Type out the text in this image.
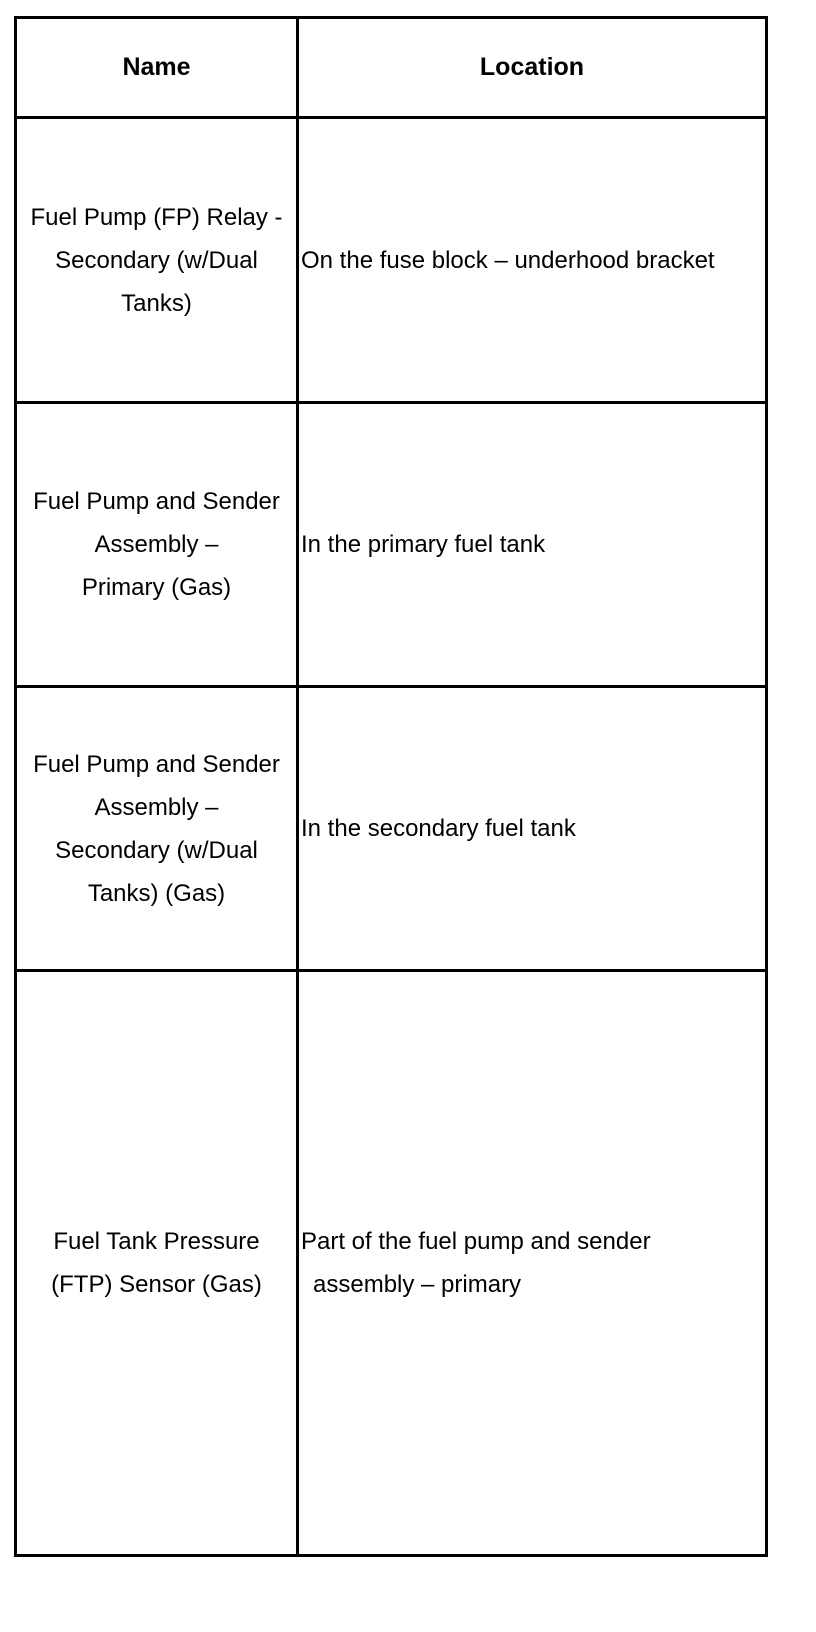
Name	Location

Fuel Pump (FP) Relay -
Secondary (w/Dual
Tanks)	On the fuse block – underhood bracket

Fuel Pump and Sender
Assembly –
Primary (Gas)	In the primary fuel tank

Fuel Pump and Sender
Assembly –
Secondary (w/Dual
Tanks) (Gas)	In the secondary fuel tank

Fuel Tank Pressure
(FTP) Sensor (Gas)	Part of the fuel pump and sender
assembly – primary
